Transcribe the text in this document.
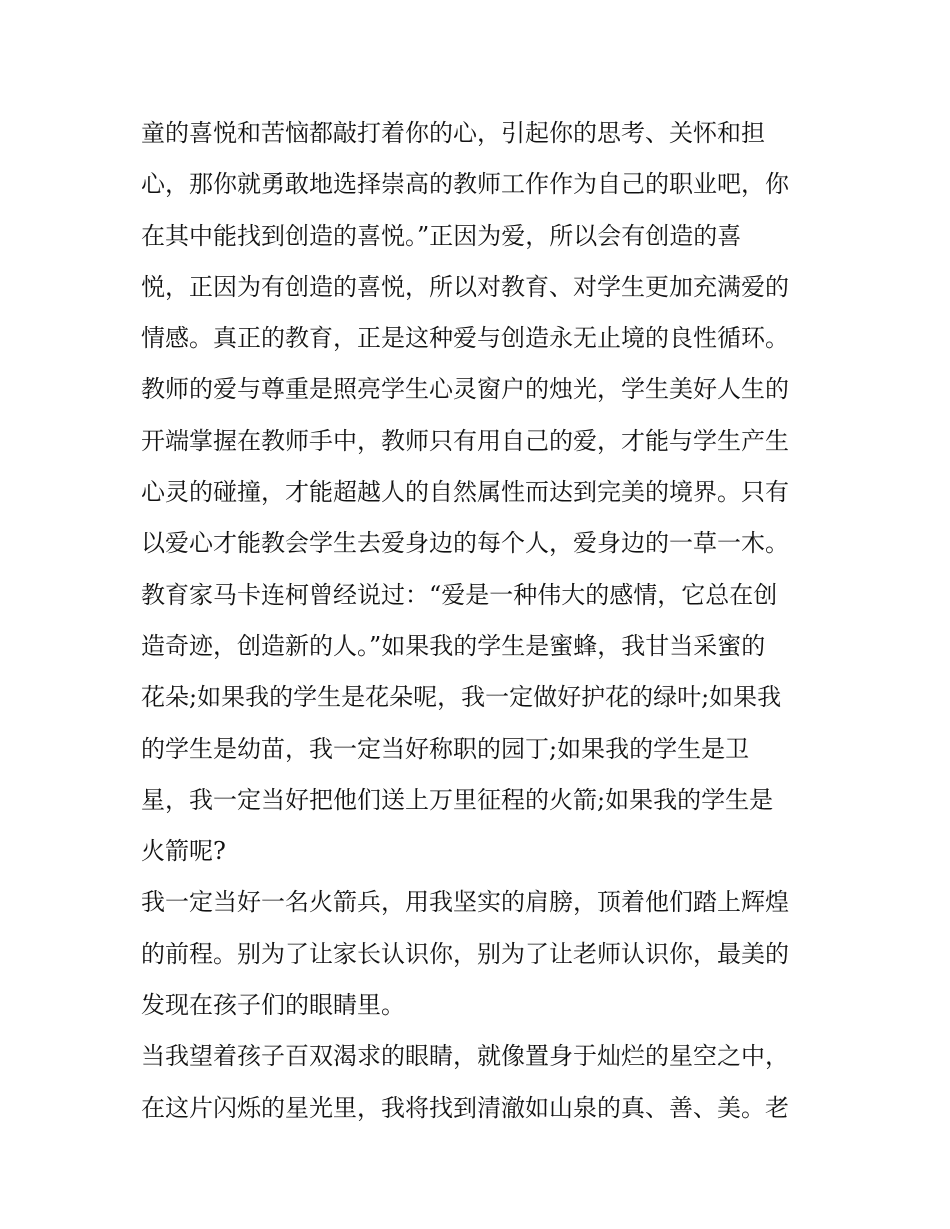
童的喜悦和苦恼都敲打着你的心，引起你的思考、关怀和担
心，那你就勇敢地选择崇高的教师工作作为自己的职业吧，你
在其中能找到创造的喜悦。”正因为爱，所以会有创造的喜
悦，正因为有创造的喜悦，所以对教育、对学生更加充满爱的
情感。真正的教育，正是这种爱与创造永无止境的良性循环。
教师的爱与尊重是照亮学生心灵窗户的烛光，学生美好人生的
开端掌握在教师手中，教师只有用自己的爱，才能与学生产生
心灵的碰撞，才能超越人的自然属性而达到完美的境界。只有
以爱心才能教会学生去爱身边的每个人，爱身边的一草一木。
教育家马卡连柯曾经说过：“爱是一种伟大的感情，它总在创
造奇迹，创造新的人。”如果我的学生是蜜蜂，我甘当采蜜的
花朵;如果我的学生是花朵呢，我一定做好护花的绿叶;如果我
的学生是幼苗，我一定当好称职的园丁;如果我的学生是卫
星，我一定当好把他们送上万里征程的火箭;如果我的学生是
火箭呢?
我一定当好一名火箭兵，用我坚实的肩膀，顶着他们踏上辉煌
的前程。别为了让家长认识你，别为了让老师认识你，最美的
发现在孩子们的眼睛里。
当我望着孩子百双渴求的眼睛，就像置身于灿烂的星空之中，
在这片闪烁的星光里，我将找到清澈如山泉的真、善、美。老
